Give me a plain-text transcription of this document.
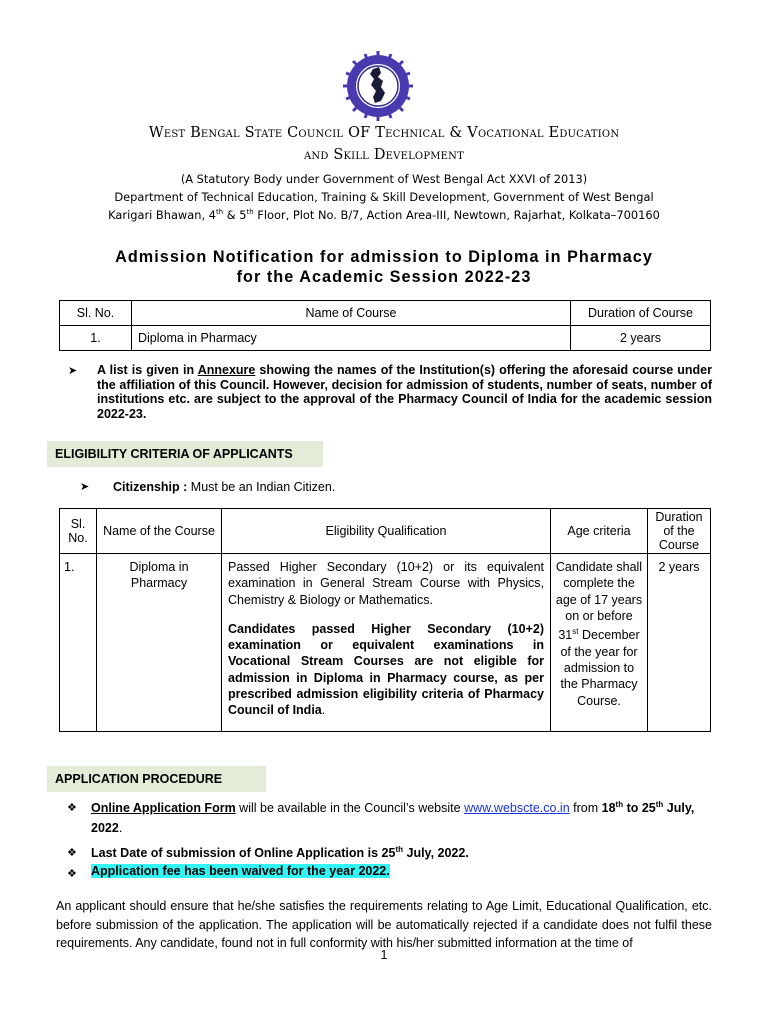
West Bengal State Council OF Technical & Vocational Education
and Skill Development
(A Statutory Body under Government of West Bengal Act XXVI of 2013)
Department of Technical Education, Training & Skill Development, Government of West Bengal
Karigari Bhawan, 4th & 5th Floor, Plot No. B/7, Action Area-III, Newtown, Rajarhat, Kolkata–700160
Admission Notification for admission to Diploma in Pharmacy
for the Academic Session 2022-23
Sl. No.	Name of Course	Duration of Course
1.	Diploma in Pharmacy	2 years
➤ A list is given in Annexure showing the names of the Institution(s) offering the aforesaid course under the affiliation of this Council. However, decision for admission of students, number of seats, number of institutions etc. are subject to the approval of the Pharmacy Council of India for the academic session 2022-23.
ELIGIBILITY CRITERIA OF APPLICANTS
➤ Citizenship : Must be an Indian Citizen.
Sl. No.	Name of the Course	Eligibility Qualification	Age criteria	Duration of the Course
1.	Diploma in Pharmacy	Passed Higher Secondary (10+2) or its equivalent examination in General Stream Course with Physics, Chemistry & Biology or Mathematics.
Candidates passed Higher Secondary (10+2) examination or equivalent examinations in Vocational Stream Courses are not eligible for admission in Diploma in Pharmacy course, as per prescribed admission eligibility criteria of Pharmacy Council of India.	Candidate shall complete the age of 17 years on or before 31st December of the year for admission to the Pharmacy Course.	2 years
APPLICATION PROCEDURE
❖ Online Application Form will be available in the Council’s website www.webscte.co.in from 18th to 25th July,
2022.
❖ Last Date of submission of Online Application is 25th July, 2022.
❖ Application fee has been waived for the year 2022.
An applicant should ensure that he/she satisfies the requirements relating to Age Limit, Educational Qualification, etc. before submission of the application. The application will be automatically rejected if a candidate does not fulfil these requirements. Any candidate, found not in full conformity with his/her submitted information at the time of
1
